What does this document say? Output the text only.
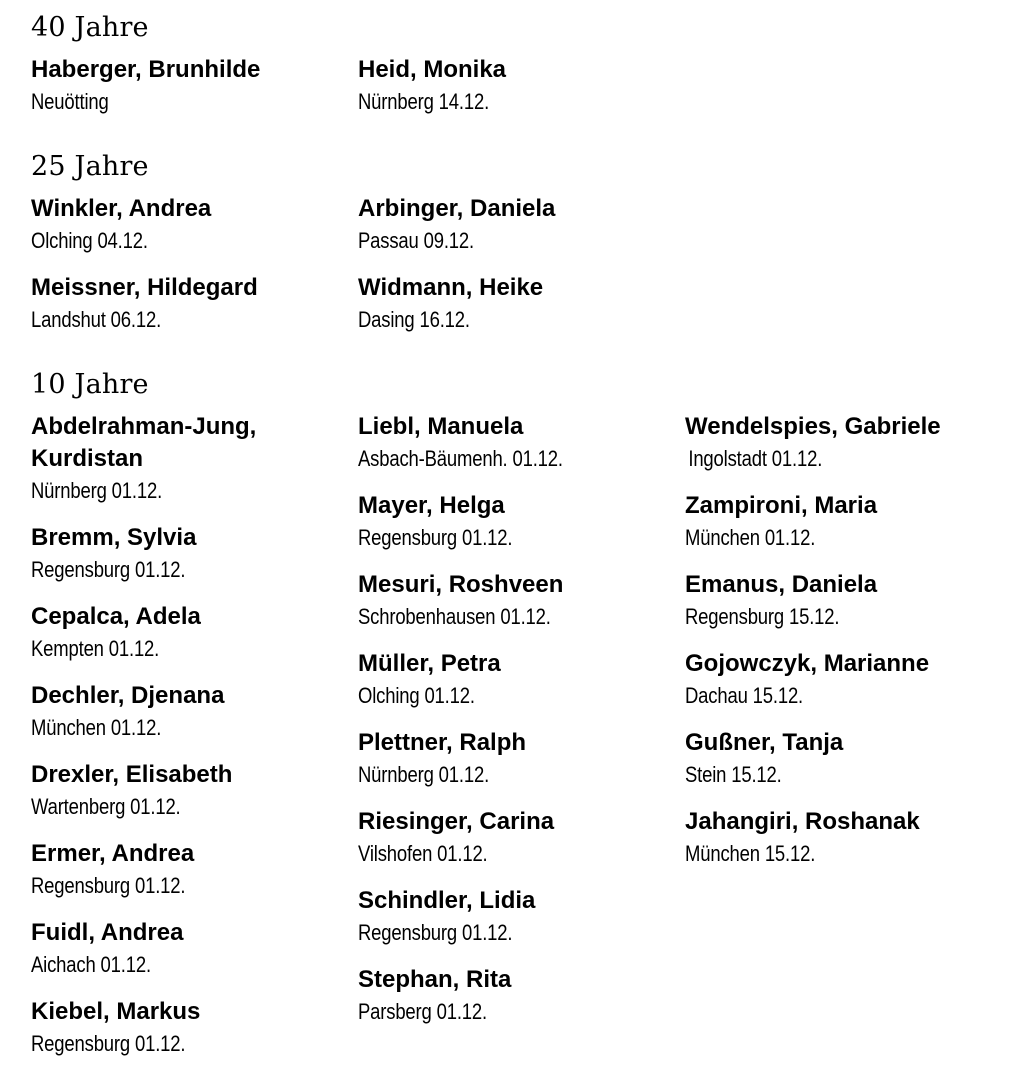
40 Jahre
Haberger, Brunhilde
Neuötting
Heid, Monika
Nürnberg 14.12.
25 Jahre
Winkler, Andrea
Olching 04.12.
Meissner, Hildegard
Landshut 06.12.
Arbinger, Daniela
Passau 09.12.
Widmann, Heike
Dasing 16.12.
10 Jahre
Abdelrahman-Jung,
Kurdistan
Nürnberg 01.12.
Bremm, Sylvia
Regensburg 01.12.
Cepalca, Adela
Kempten 01.12.
Dechler, Djenana
München 01.12.
Drexler, Elisabeth
Wartenberg 01.12.
Ermer, Andrea
Regensburg 01.12.
Fuidl, Andrea
Aichach 01.12.
Kiebel, Markus
Regensburg 01.12.
Liebl, Manuela
Asbach-Bäumenh. 01.12.
Mayer, Helga
Regensburg 01.12.
Mesuri, Roshveen
Schrobenhausen 01.12.
Müller, Petra
Olching 01.12.
Plettner, Ralph
Nürnberg 01.12.
Riesinger, Carina
Vilshofen 01.12.
Schindler, Lidia
Regensburg 01.12.
Stephan, Rita
Parsberg 01.12.
Wendelspies, Gabriele
Ingolstadt 01.12.
Zampironi, Maria
München 01.12.
Emanus, Daniela
Regensburg 15.12.
Gojowczyk, Marianne
Dachau 15.12.
Gußner, Tanja
Stein 15.12.
Jahangiri, Roshanak
München 15.12.
